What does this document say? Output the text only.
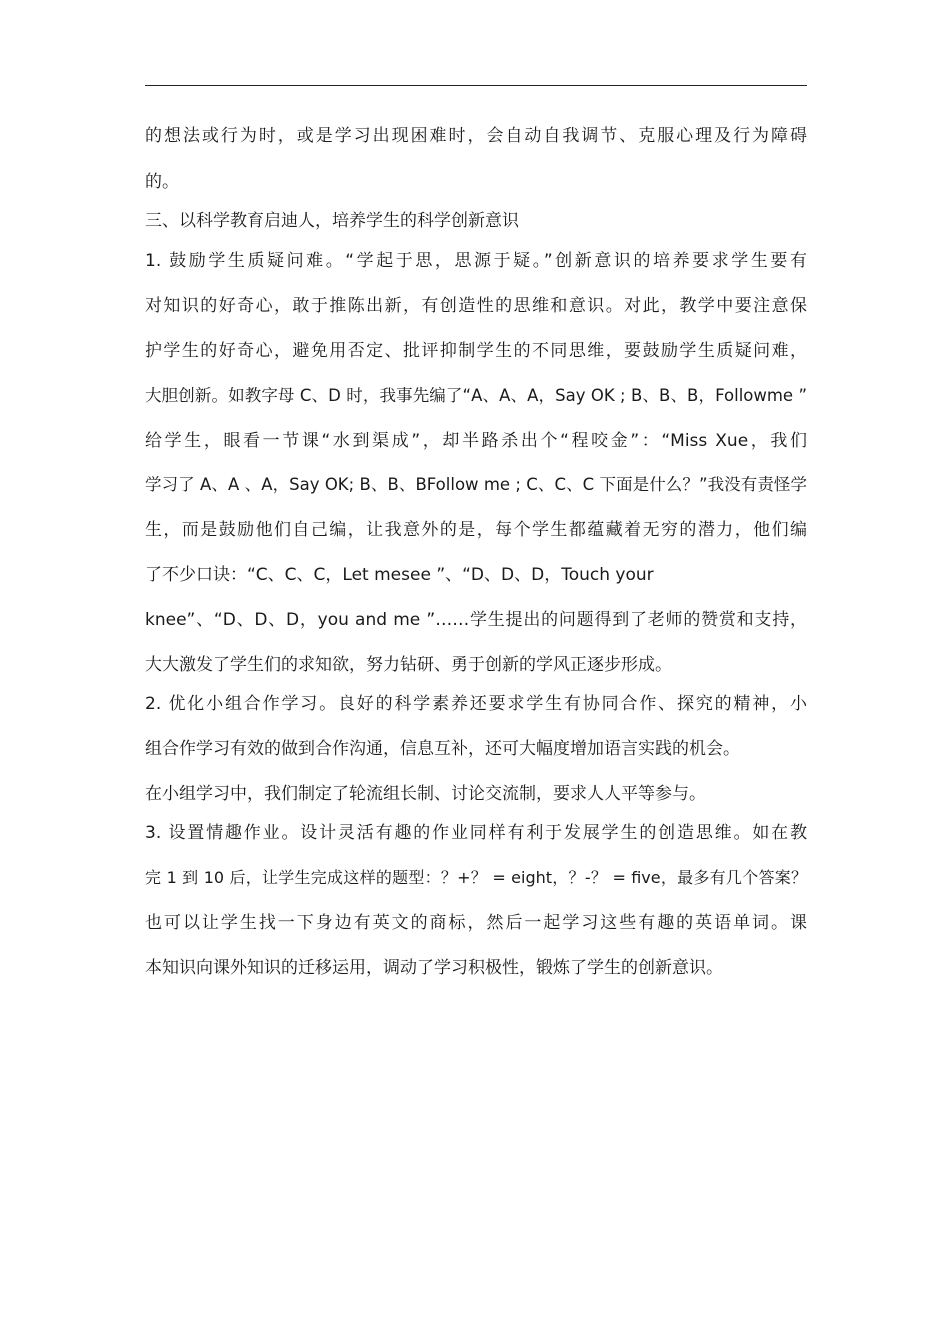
的想法或行为时，或是学习出现困难时，会自动自我调节、克服心理及行为障碍
的。
三、以科学教育启迪人，培养学生的科学创新意识
1. 鼓励学生质疑问难。“学起于思，思源于疑。”创新意识的培养要求学生要有
对知识的好奇心，敢于推陈出新，有创造性的思维和意识。对此，教学中要注意保
护学生的好奇心，避免用否定、批评抑制学生的不同思维，要鼓励学生质疑问难，
大胆创新。如教字母 C、D 时，我事先编了“A、A、A，Say OK ; B、B、B，Followme ”
给学生，眼看一节课“水到渠成”，却半路杀出个“程咬金”：“Miss Xue，我们
学习了 A、A 、A，Say OK; B、B、BFollow me ; C、C、C 下面是什么？”我没有责怪学
生，而是鼓励他们自己编，让我意外的是，每个学生都蕴藏着无穷的潜力，他们编
了不少口诀：“C、C、C，Let mesee ”、“D、D、D，Touch your
knee”、“D、D、D，you and me ”……学生提出的问题得到了老师的赞赏和支持，
大大激发了学生们的求知欲，努力钻研、勇于创新的学风正逐步形成。
2. 优化小组合作学习。良好的科学素养还要求学生有协同合作、探究的精神，小
组合作学习有效的做到合作沟通，信息互补，还可大幅度增加语言实践的机会。
在小组学习中，我们制定了轮流组长制、讨论交流制，要求人人平等参与。
3. 设置情趣作业。设计灵活有趣的作业同样有利于发展学生的创造思维。如在教
完 1 到 10 后，让学生完成这样的题型：？+？ = eight，？-？ = five，最多有几个答案？
也可以让学生找一下身边有英文的商标，然后一起学习这些有趣的英语单词。课
本知识向课外知识的迁移运用，调动了学习积极性，锻炼了学生的创新意识。
